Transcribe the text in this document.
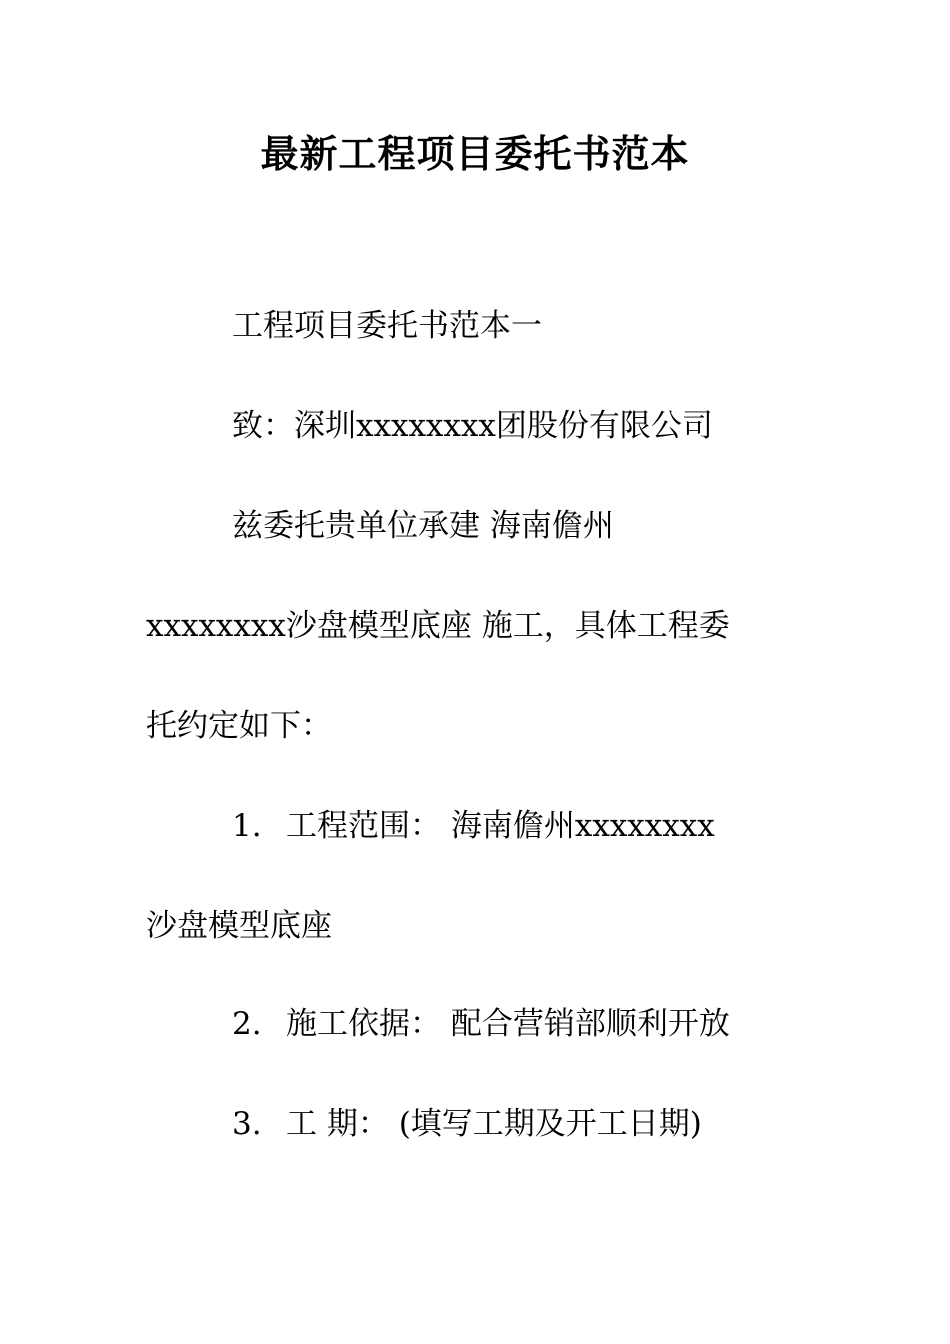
最新工程项目委托书范本
工程项目委托书范本一
致：深圳xxxxxxxx团股份有限公司
兹委托贵单位承建 海南儋州
xxxxxxxx沙盘模型底座 施工，具体工程委
托约定如下：
1. 工程范围： 海南儋州xxxxxxxx
沙盘模型底座
2. 施工依据： 配合营销部顺利开放
3. 工 期： (填写工期及开工日期)
